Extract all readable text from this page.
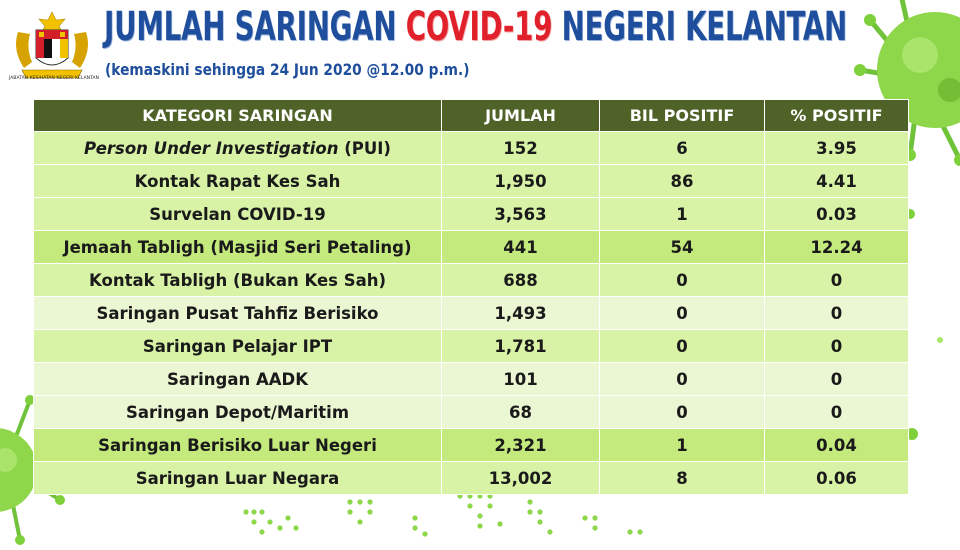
JABATAN KESIHATAN NEGERI KELANTAN
JUMLAH SARINGAN COVID-19 NEGERI KELANTAN
(kemaskini sehingga 24 Jun 2020 @12.00 p.m.)
KATEGORI SARINGAN	JUMLAH	BIL POSITIF	% POSITIF
Person Under Investigation (PUI)	152	6	3.95
Kontak Rapat Kes Sah	1,950	86	4.41
Survelan COVID-19	3,563	1	0.03
Jemaah Tabligh (Masjid Seri Petaling)	441	54	12.24
Kontak Tabligh (Bukan Kes Sah)	688	0	0
Saringan Pusat Tahfiz Berisiko	1,493	0	0
Saringan Pelajar IPT	1,781	0	0
Saringan AADK	101	0	0
Saringan Depot/Maritim	68	0	0
Saringan Berisiko Luar Negeri	2,321	1	0.04
Saringan Luar Negara	13,002	8	0.06
